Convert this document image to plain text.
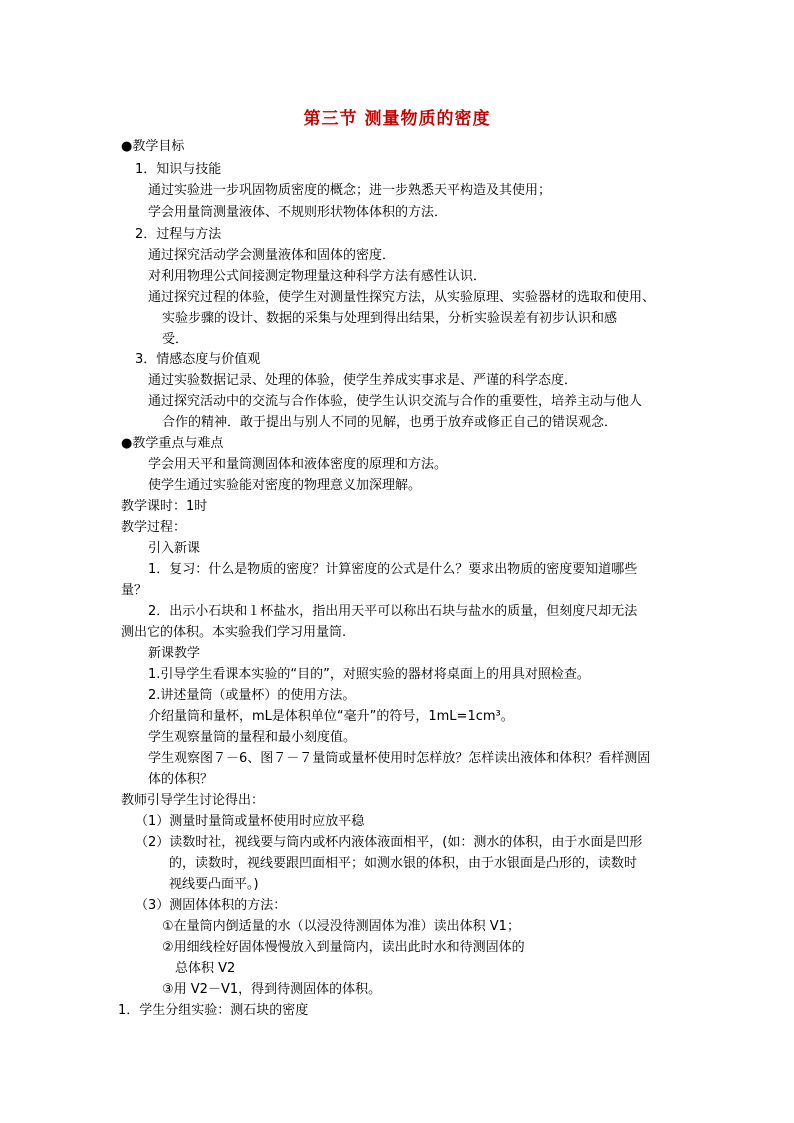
第三节 测量物质的密度
●教学目标
1．知识与技能
通过实验进一步巩固物质密度的概念；进一步熟悉天平构造及其使用；
学会用量筒测量液体、不规则形状物体体积的方法．
2．过程与方法
通过探究活动学会测量液体和固体的密度．
对利用物理公式间接测定物理量这种科学方法有感性认识．
通过探究过程的体验，使学生对测量性探究方法，从实验原理、实验器材的选取和使用、
实验步骤的设计、数据的采集与处理到得出结果，分析实验误差有初步认识和感
受．
3．情感态度与价值观
通过实验数据记录、处理的体验，使学生养成实事求是、严谨的科学态度．
通过探究活动中的交流与合作体验，使学生认识交流与合作的重要性，培养主动与他人
合作的精神．敢于提出与别人不同的见解，也勇于放弃或修正自己的错误观念．
●教学重点与难点
学会用天平和量筒测固体和液体密度的原理和方法。
使学生通过实验能对密度的物理意义加深理解。
教学课时：1时
教学过程：
引入新课
1．复习：什么是物质的密度？计算密度的公式是什么？要求出物质的密度要知道哪些
量？
2．出示小石块和１杯盐水，指出用天平可以称出石块与盐水的质量，但刻度尺却无法
测出它的体积。本实验我们学习用量筒.
新课教学
1.引导学生看课本实验的“目的”，对照实验的器材将桌面上的用具对照检查。
2.讲述量筒（或量杯）的使用方法。
介绍量筒和量杯，mL是体积单位“毫升”的符号，1mL=1cm³。
学生观察量筒的量程和最小刻度值。
学生观察图７－6、图７－７量筒或量杯使用时怎样放？怎样读出液体和体积？看样测固
体的体积？
教师引导学生讨论得出：
（1）测量时量筒或量杯使用时应放平稳
（2）读数时社，视线要与筒内或杯内液体液面相平，(如：测水的体积，由于水面是凹形
的，读数时，视线要跟凹面相平；如测水银的体积，由于水银面是凸形的，读数时
视线要凸面平。)
（3）测固体体积的方法：
①在量筒内倒适量的水（以浸没待测固体为准）读出体积 V1；
②用细线栓好固体慢慢放入到量筒内，读出此时水和待测固体的
总体积 V2
③用 V2－V1，得到待测固体的体积。
1．学生分组实验：测石块的密度
